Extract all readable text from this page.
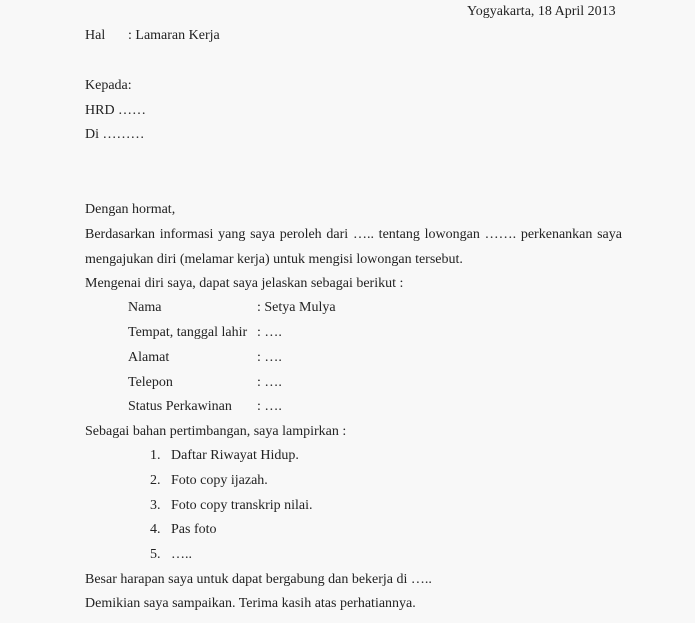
Yogyakarta, 18 April 2013
Hal : Lamaran Kerja
Kepada:
HRD ……
Di ………
Dengan hormat,
Berdasarkan informasi yang saya peroleh dari ….. tentang lowongan ……. perkenankan saya
mengajukan diri (melamar kerja) untuk mengisi lowongan tersebut.
Mengenai diri saya, dapat saya jelaskan sebagai berikut :
Nama	: Setya Mulya
Tempat, tanggal lahir : ….
Alamat	: ….
Telepon	: ….
Status Perkawinan : ….
Sebagai bahan pertimbangan, saya lampirkan :
1. Daftar Riwayat Hidup.
2. Foto copy ijazah.
3. Foto copy transkrip nilai.
4. Pas foto
5. …..
Besar harapan saya untuk dapat bergabung dan bekerja di …..
Demikian saya sampaikan. Terima kasih atas perhatiannya.
